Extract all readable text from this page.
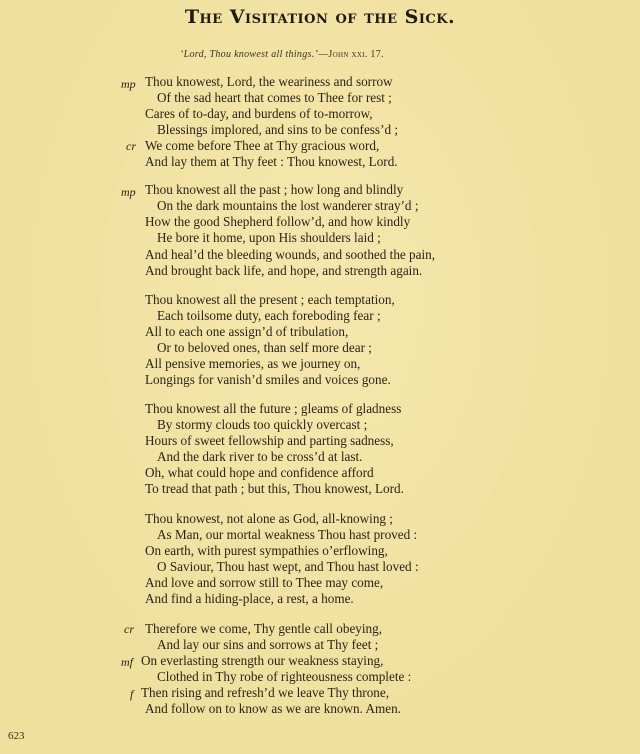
The Visitation of the Sick.
‘Lord, Thou knowest all things.’—John xxi. 17.
mp Thou knowest, Lord, the weariness and sorrow
Of the sad heart that comes to Thee for rest ;
Cares of to-day, and burdens of to-morrow,
Blessings implored, and sins to be confess’d ;
cr We come before Thee at Thy gracious word,
And lay them at Thy feet : Thou knowest, Lord.
mp Thou knowest all the past ; how long and blindly
On the dark mountains the lost wanderer stray’d ;
How the good Shepherd follow’d, and how kindly
He bore it home, upon His shoulders laid ;
And heal’d the bleeding wounds, and soothed the pain,
And brought back life, and hope, and strength again.
Thou knowest all the present ; each temptation,
Each toilsome duty, each foreboding fear ;
All to each one assign’d of tribulation,
Or to beloved ones, than self more dear ;
All pensive memories, as we journey on,
Longings for vanish’d smiles and voices gone.
Thou knowest all the future ; gleams of gladness
By stormy clouds too quickly overcast ;
Hours of sweet fellowship and parting sadness,
And the dark river to be cross’d at last.
Oh, what could hope and confidence afford
To tread that path ; but this, Thou knowest, Lord.
Thou knowest, not alone as God, all-knowing ;
As Man, our mortal weakness Thou hast proved :
On earth, with purest sympathies o’erflowing,
O Saviour, Thou hast wept, and Thou hast loved :
And love and sorrow still to Thee may come,
And find a hiding-place, a rest, a home.
cr Therefore we come, Thy gentle call obeying,
And lay our sins and sorrows at Thy feet ;
mf On everlasting strength our weakness staying,
Clothed in Thy robe of righteousness complete :
f Then rising and refresh’d we leave Thy throne,
And follow on to know as we are known. Amen.
623
